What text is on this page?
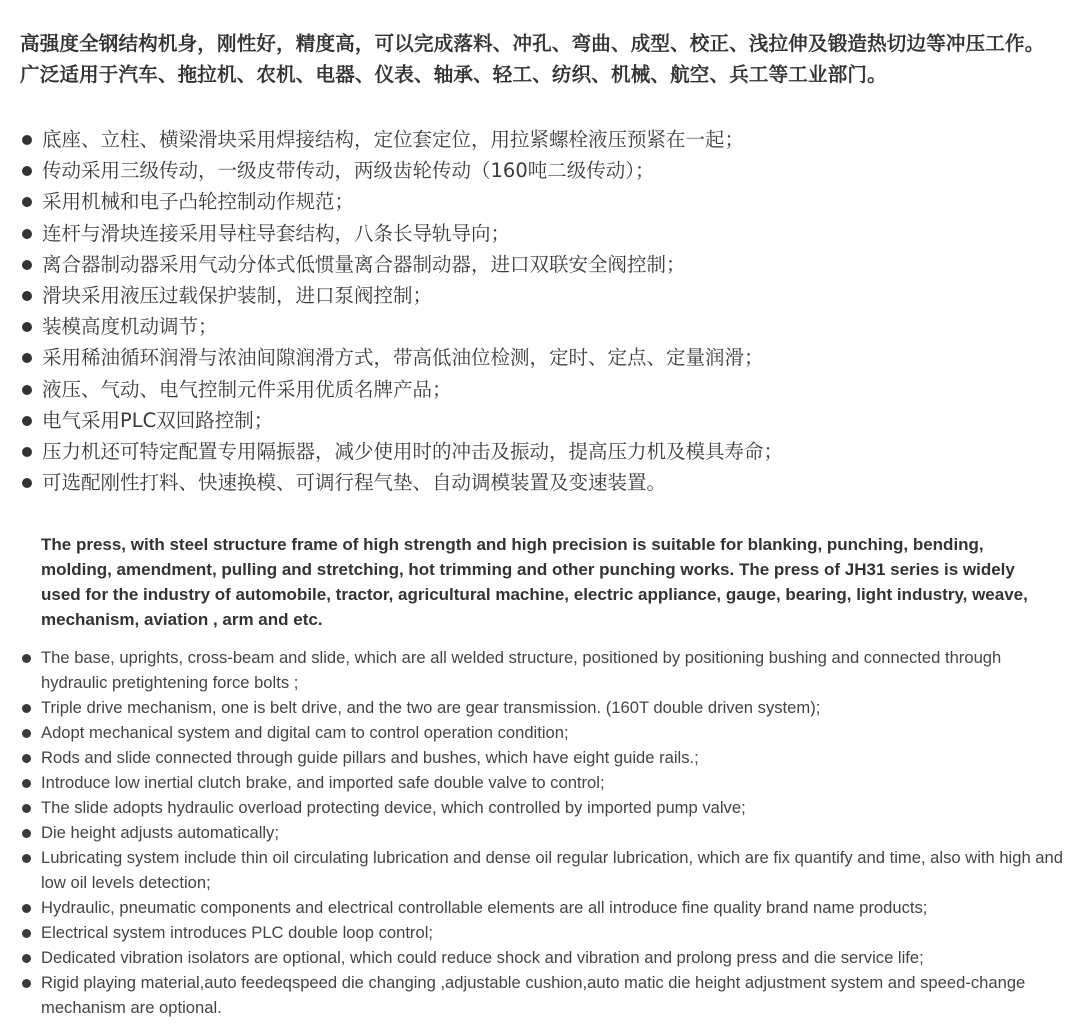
高强度全钢结构机身，刚性好，精度高，可以完成落料、冲孔、弯曲、成型、校正、浅拉伸及锻造热切边等冲压工作。广泛适用于汽车、拖拉机、农机、电器、仪表、轴承、轻工、纺织、机械、航空、兵工等工业部门。
底座、立柱、横梁滑块采用焊接结构，定位套定位，用拉紧螺栓液压预紧在一起；
传动采用三级传动，一级皮带传动，两级齿轮传动（160吨二级传动）；
采用机械和电子凸轮控制动作规范；
连杆与滑块连接采用导柱导套结构，八条长导轨导向；
离合器制动器采用气动分体式低惯量离合器制动器，进口双联安全阀控制；
滑块采用液压过载保护装制，进口泵阀控制；
装模高度机动调节；
采用稀油循环润滑与浓油间隙润滑方式，带高低油位检测，定时、定点、定量润滑；
液压、气动、电气控制元件采用优质名牌产品；
电气采用PLC双回路控制；
压力机还可特定配置专用隔振器，减少使用时的冲击及振动，提高压力机及模具寿命；
可选配刚性打料、快速换模、可调行程气垫、自动调模装置及变速装置。
The press, with steel structure frame of high strength and high precision is suitable for blanking, punching, bending, molding, amendment, pulling and stretching, hot trimming and other punching works. The press of JH31 series is widely used for the industry of automobile, tractor, agricultural machine, electric appliance, gauge, bearing, light industry, weave, mechanism, aviation , arm and etc.
The base, uprights, cross-beam and slide, which are all welded structure, positioned by positioning bushing and connected through hydraulic pretightening force bolts ;
Triple drive mechanism, one is belt drive, and the two are gear transmission. (160T double driven system);
Adopt mechanical system and digital cam to control operation condition;
Rods and slide connected through guide pillars and bushes, which have eight guide rails.;
Introduce low inertial clutch brake, and imported safe double valve to control;
The slide adopts hydraulic overload protecting device, which controlled by imported pump valve;
Die height adjusts automatically;
Lubricating system include thin oil circulating lubrication and dense oil regular lubrication, which are fix quantify and time, also with high and low oil levels detection;
Hydraulic, pneumatic components and electrical controllable elements are all introduce fine quality brand name products;
Electrical system introduces PLC double loop control;
Dedicated vibration isolators are optional, which could reduce shock and vibration and prolong press and die service life;
Rigid playing material,auto feedeqspeed die changing ,adjustable cushion,auto matic die height adjustment system and speed-change mechanism are optional.
